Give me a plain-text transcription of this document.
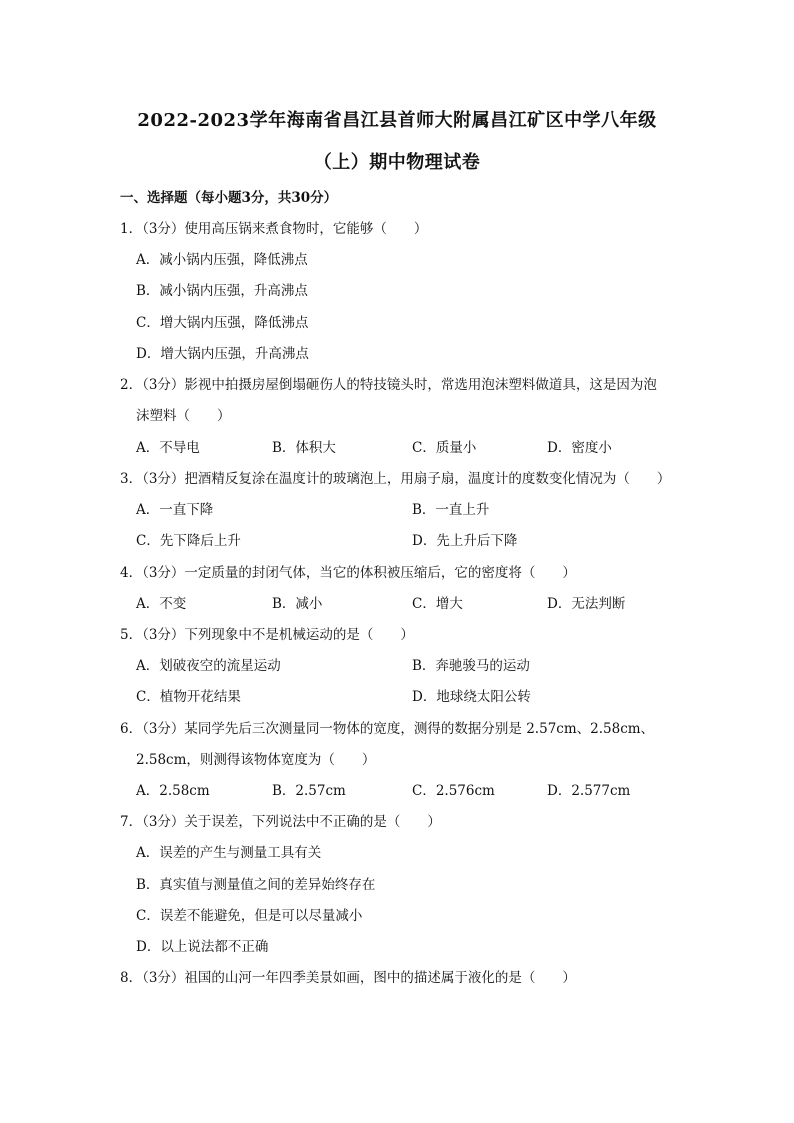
2022-2023学年海南省昌江县首师大附属昌江矿区中学八年级
（上）期中物理试卷
一、选择题（每小题3分，共30分）
1．（3分）使用高压锅来煮食物时，它能够（　　）
A．减小锅内压强，降低沸点
B．减小锅内压强，升高沸点
C．增大锅内压强，降低沸点
D．增大锅内压强，升高沸点
2．（3分）影视中拍摄房屋倒塌砸伤人的特技镜头时，常选用泡沫塑料做道具，这是因为泡
沫塑料（　　）
A．不导电	B．体积大	C．质量小	D．密度小
3．（3分）把酒精反复涂在温度计的玻璃泡上，用扇子扇，温度计的度数变化情况为（　　）
A．一直下降	B．一直上升
C．先下降后上升	D．先上升后下降
4．（3分）一定质量的封闭气体，当它的体积被压缩后，它的密度将（　　）
A．不变	B．减小	C．增大	D．无法判断
5．（3分）下列现象中不是机械运动的是（　　）
A．划破夜空的流星运动	B．奔驰骏马的运动
C．植物开花结果	D．地球绕太阳公转
6．（3分）某同学先后三次测量同一物体的宽度，测得的数据分别是 2.57cm、2.58cm、
2.58cm，则测得该物体宽度为（　　）
A．2.58cm	B．2.57cm	C．2.576cm	D．2.577cm
7．（3分）关于误差，下列说法中不正确的是（　　）
A．误差的产生与测量工具有关
B．真实值与测量值之间的差异始终存在
C．误差不能避免，但是可以尽量减小
D．以上说法都不正确
8．（3分）祖国的山河一年四季美景如画，图中的描述属于液化的是（　　）
